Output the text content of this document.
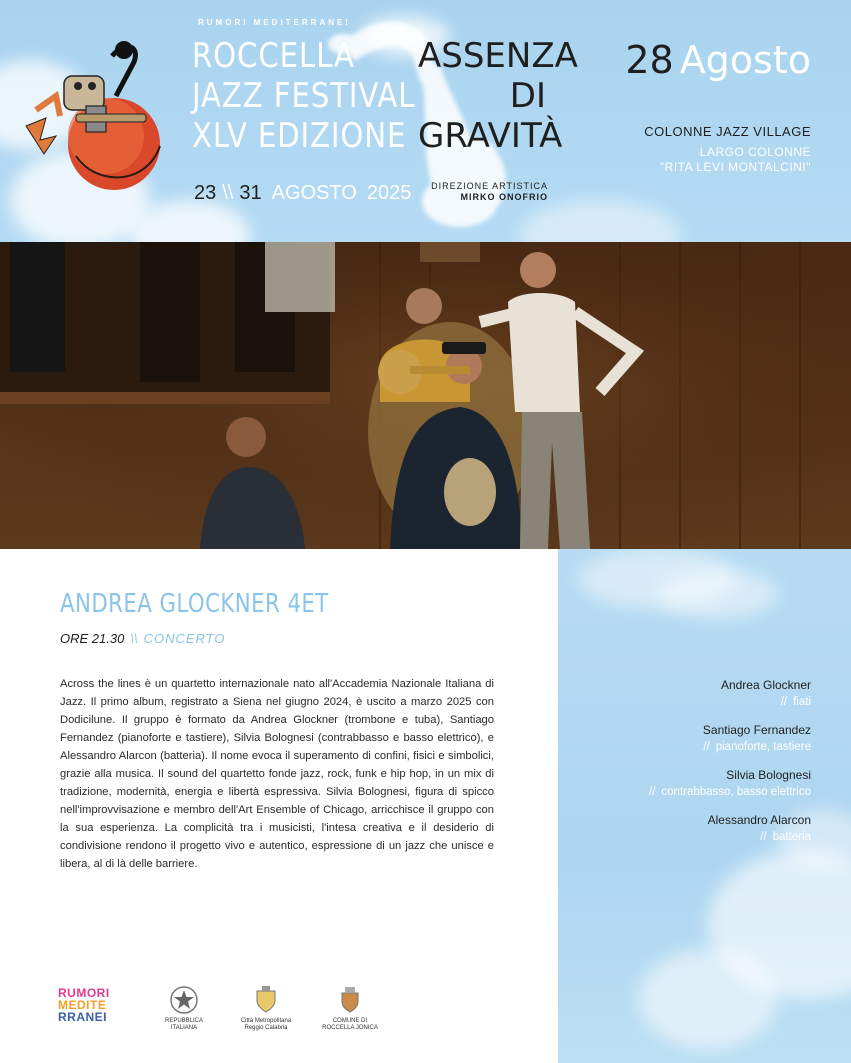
RUMORI MEDITERRANEI
ROCCELLA
JAZZ FESTIVAL
XLV EDIZIONE
23 \\ 31 AGOSTO 2025
ASSENZA
DI
GRAVITÀ
DIREZIONE ARTISTICA
MIRKO ONOFRIO
28 Agosto
COLONNE JAZZ VILLAGE
LARGO COLONNE
"RITA LEVI MONTALCINI"
ANDREA GLOCKNER 4ET
ORE 21.30 \\ CONCERTO
Across the lines è un quartetto internazionale nato all'Accademia Nazionale Italiana di Jazz. Il primo album, registrato a Siena nel giugno 2024, è uscito a marzo 2025 con Dodicilune. Il gruppo è formato da Andrea Glockner (trombone e tuba), Santiago Fernandez (pianoforte e tastiere), Silvia Bolognesi (contrabbasso e basso elettrico), e Alessandro Alarcon (batteria). Il nome evoca il superamento di confini, fisici e simbolici, grazie alla musica. Il sound del quartetto fonde jazz, rock, funk e hip hop, in un mix di tradizione, modernità, energia e libertà espressiva. Silvia Bolognesi, figura di spicco nell'improvvisazione e membro dell'Art Ensemble of Chicago, arricchisce il gruppo con la sua esperienza. La complicità tra i musicisti, l'intesa creativa e il desiderio di condivisione rendono il progetto vivo e autentico, espressione di un jazz che unisce e libera, al di là delle barriere.
Andrea Glockner
// fiati
Santiago Fernandez
// pianoforte, tastiere
Silvia Bolognesi
// contrabbasso, basso elettrico
Alessandro Alarcon
// batteria
RUMORI
MEDITE
RRANEI	REPUBBLICA ITALIANA
Città Metropolitana Reggio Calabria
COMUNE DI ROCCELLA JONICA
